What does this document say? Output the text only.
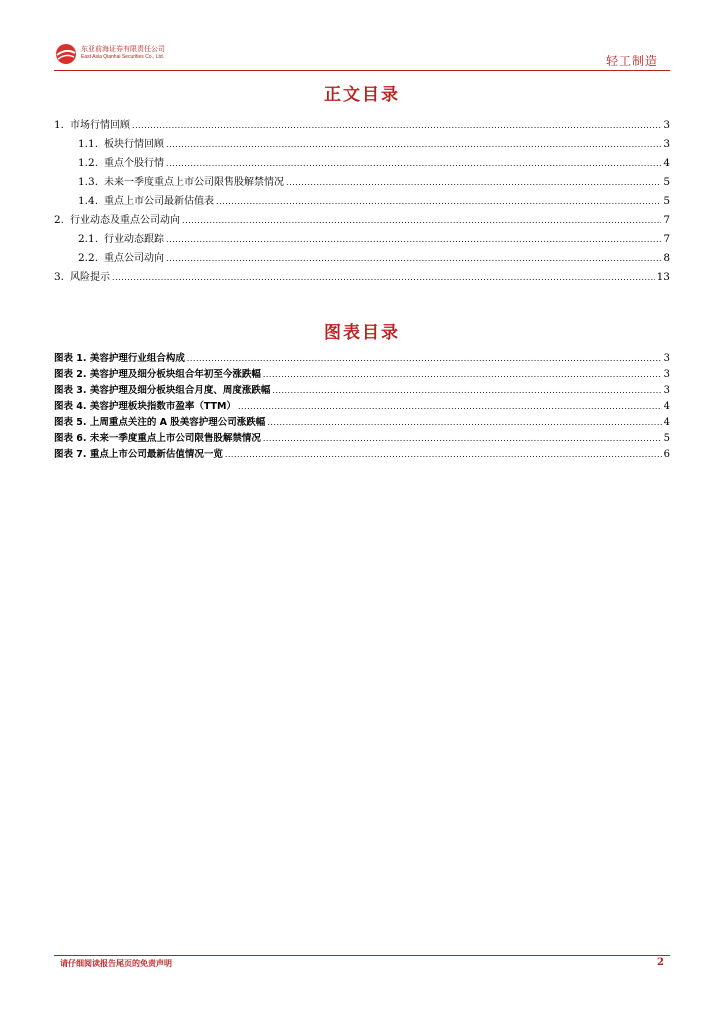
东亚前海证券有限责任公司
East Asia Qianhai Securities Co., Ltd.	轻工制造
正文目录
1. 市场行情回顾 .....	3
1.1. 板块行情回顾 .....	3
1.2. 重点个股行情 .....	4
1.3. 未来一季度重点上市公司限售股解禁情况 .....	5
1.4. 重点上市公司最新估值表 .....	5
2. 行业动态及重点公司动向 .....	7
2.1. 行业动态跟踪 .....	7
2.2. 重点公司动向 .....	8
3. 风险提示 .....	13
图表目录
图表 1. 美容护理行业组合构成 .....	3
图表 2. 美容护理及细分板块组合年初至今涨跌幅 .....	3
图表 3. 美容护理及细分板块组合月度、周度涨跌幅 .....	3
图表 4. 美容护理板块指数市盈率（TTM） .....	4
图表 5. 上周重点关注的 A 股美容护理公司涨跌幅 .....	4
图表 6. 未来一季度重点上市公司限售股解禁情况 .....	5
图表 7. 重点上市公司最新估值情况一览 .....	6
请仔细阅读报告尾页的免责声明	2
